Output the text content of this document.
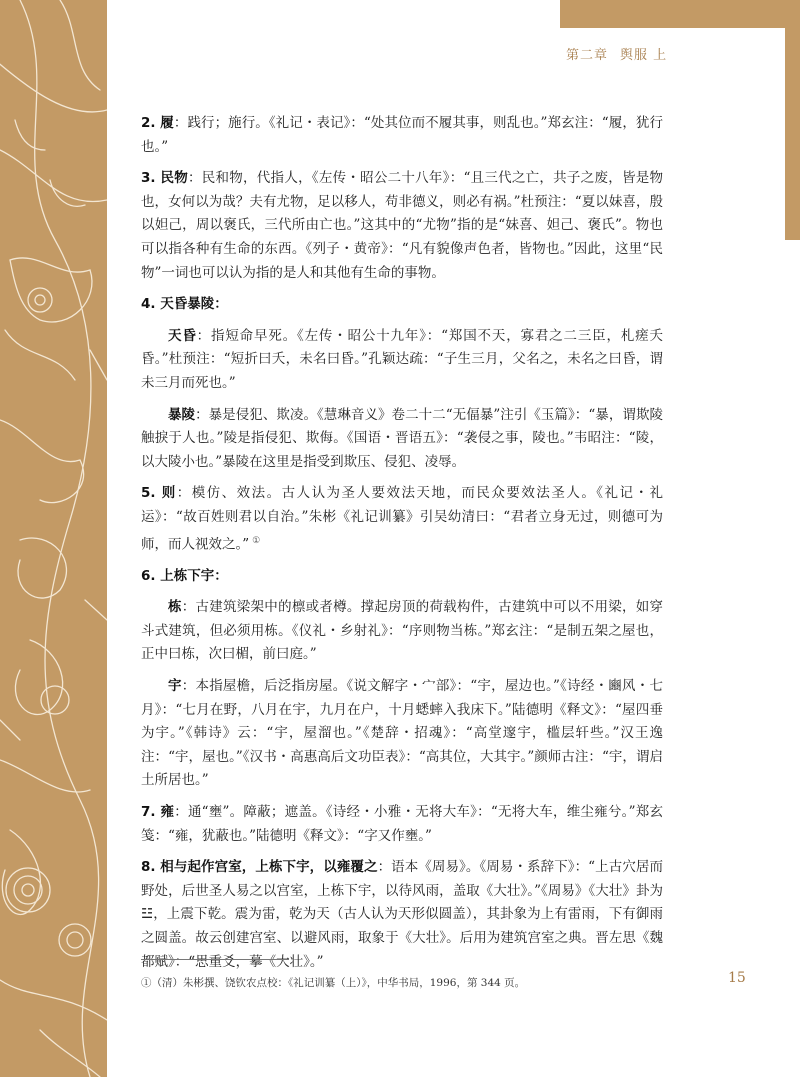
第二章 舆服 上

2. 履：践行；施行。《礼记・表记》：“处其位而不履其事，则乱也。”郑玄注：“履，犹行也。”

3. 民物：民和物，代指人，《左传・昭公二十八年》：“且三代之亡，共子之废，皆是物也，女何以为哉？夫有尤物，足以移人，苟非德义，则必有祸。”杜预注：“夏以妹喜，殷以妲己，周以褒氏，三代所由亡也。”这其中的“尤物”指的是“妹喜、妲己、褒氏”。物也可以指各种有生命的东西。《列子・黄帝》：“凡有貌像声色者，皆物也。”因此，这里“民物”一词也可以认为指的是人和其他有生命的事物。

4. 天昏暴陵：

天昏：指短命早死。《左传・昭公十九年》：“郑国不天，寡君之二三臣，札瘥夭昏。”杜预注：“短折曰夭，未名曰昏。”孔颖达疏：“子生三月，父名之，未名之曰昏，谓未三月而死也。”

暴陵：暴是侵犯、欺凌。《慧琳音义》卷二十二“无偪暴”注引《玉篇》：“暴，谓欺陵触捩于人也。”陵是指侵犯、欺侮。《国语・晋语五》：“袭侵之事，陵也。”韦昭注：“陵，以大陵小也。”暴陵在这里是指受到欺压、侵犯、凌辱。

5. 则：模仿、效法。古人认为圣人要效法天地，而民众要效法圣人。《礼记・礼运》：“故百姓则君以自治。”朱彬《礼记训纂》引吴幼清曰：“君者立身无过，则德可为师，而人视效之。” ①

6. 上栋下宇：

栋：古建筑梁架中的檩或者樽。撑起房顶的荷载构件，古建筑中可以不用梁，如穿斗式建筑，但必须用栋。《仪礼・乡射礼》：“序则物当栋。”郑玄注：“是制五架之屋也，正中曰栋，次曰楣，前曰庭。”

宇：本指屋檐，后泛指房屋。《说文解字・宀部》：“宇，屋边也。”《诗经・豳风・七月》：“七月在野，八月在宇，九月在户，十月蟋蟀入我床下。”陆德明《释文》：“屋四垂为宇。”《韩诗》云：“宇，屋溜也。”《楚辞・招魂》：“高堂邃宇，槛层轩些。”汉王逸注：“宇，屋也。”《汉书・高惠高后文功臣表》：“高其位，大其宇。”颜师古注：“宇，谓启土所居也。”

7. 雍：通“壅”。障蔽；遮盖。《诗经・小雅・无将大车》：“无将大车，维尘雍兮。”郑玄笺：“雍，犹蔽也。”陆德明《释文》：“字又作壅。”

8. 相与起作宫室，上栋下宇，以雍覆之：语本《周易》。《周易・系辞下》：“上古穴居而野处，后世圣人易之以宫室，上栋下宇，以待风雨，盖取《大壮》。”《周易》《大壮》卦为☳，上震下乾。震为雷，乾为天（古人认为天形似圆盖），其卦象为上有雷雨，下有御雨之圆盖。故云创建宫室、以避风雨，取象于《大壮》。后用为建筑宫室之典。晋左思《魏都赋》：“思重爻，摹《大壮》。”

①（清）朱彬撰、饶钦农点校：《礼记训纂（上）》，中华书局，1996，第 344 页。	15
